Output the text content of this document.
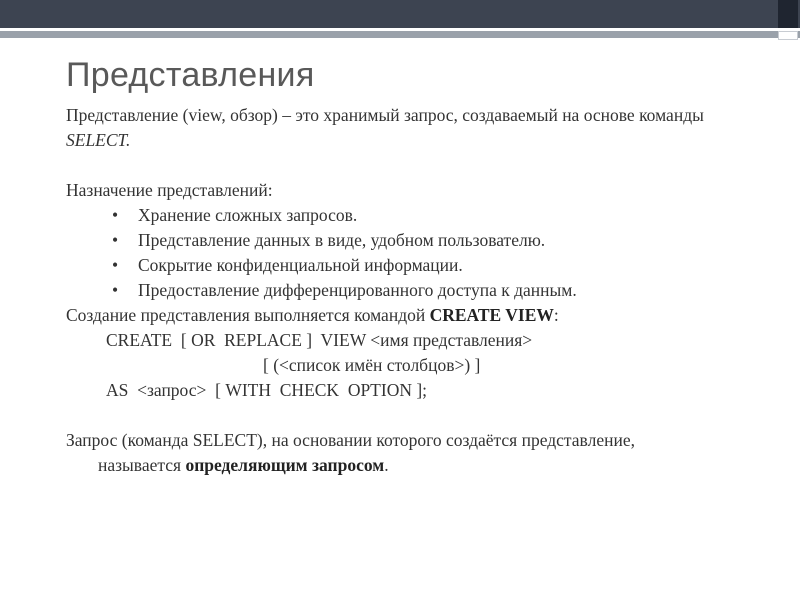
Представления

Представление (view, обзор) – это хранимый запрос, создаваемый на основе команды SELECT.

Назначение представлений:

• Хранение сложных запросов.
• Представление данных в виде, удобном пользователю.
• Сокрытие конфиденциальной информации.
• Предоставление дифференцированного доступа к данным.

Создание представления выполняется командой CREATE VIEW:

CREATE  [ OR  REPLACE ]  VIEW <имя представления>

[ (<список имён столбцов>) ]

AS  <запрос>  [ WITH  CHECK  OPTION ];

Запрос (команда SELECT), на основании которого создаётся представление,

называется определяющим запросом.
